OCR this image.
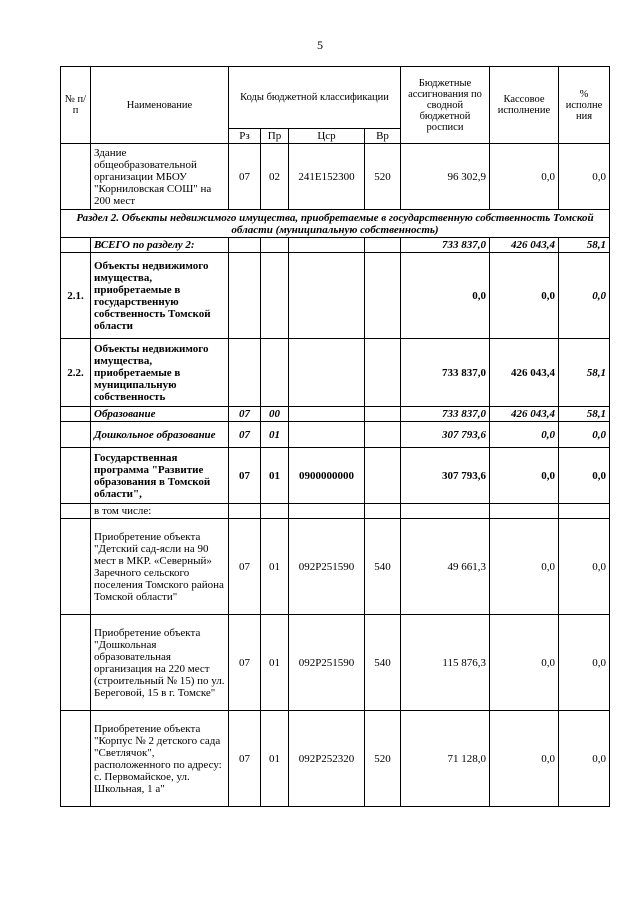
5
№ п/п	Наименование	Коды бюджетной классификации				Бюджетные ассигнования по сводной бюджетной росписи	Кассовое исполнение	% исполне ния
		Рз	Пр	Цср	Вр			
	Здание общеобразовательной организации МБОУ "Корниловская СОШ" на 200 мест	07	02	241Е152300	520	96 302,9	0,0	0,0
Раздел 2. Объекты недвижимого имущества, приобретаемые в государственную собственность Томской области (муниципальную собственность)								
	ВСЕГО по разделу 2:					733 837,0	426 043,4	58,1
2.1.	Объекты недвижимого имущества, приобретаемые в государственную собственность Томской области					0,0	0,0	0,0
2.2.	Объекты недвижимого имущества, приобретаемые в муниципальную собственность					733 837,0	426 043,4	58,1
	Образование	07	00			733 837,0	426 043,4	58,1
	Дошкольное образование	07	01			307 793,6	0,0	0,0
	Государственная программа "Развитие образования в Томской области",	07	01	0900000000		307 793,6	0,0	0,0
	в том числе:							
	Приобретение объекта "Детский сад-ясли на 90 мест в МКР. «Северный» Заречного сельского поселения Томского района Томской области"	07	01	092P251590	540	49 661,3	0,0	0,0
	Приобретение объекта "Дошкольная образовательная организация на 220 мест (строительный № 15) по ул. Береговой, 15 в г. Томске"	07	01	092P251590	540	115 876,3	0,0	0,0
	Приобретение объекта "Корпус № 2 детского сада "Светлячок", расположенного по адресу: с. Первомайское, ул. Школьная, 1 а"	07	01	092P252320	520	71 128,0	0,0	0,0
